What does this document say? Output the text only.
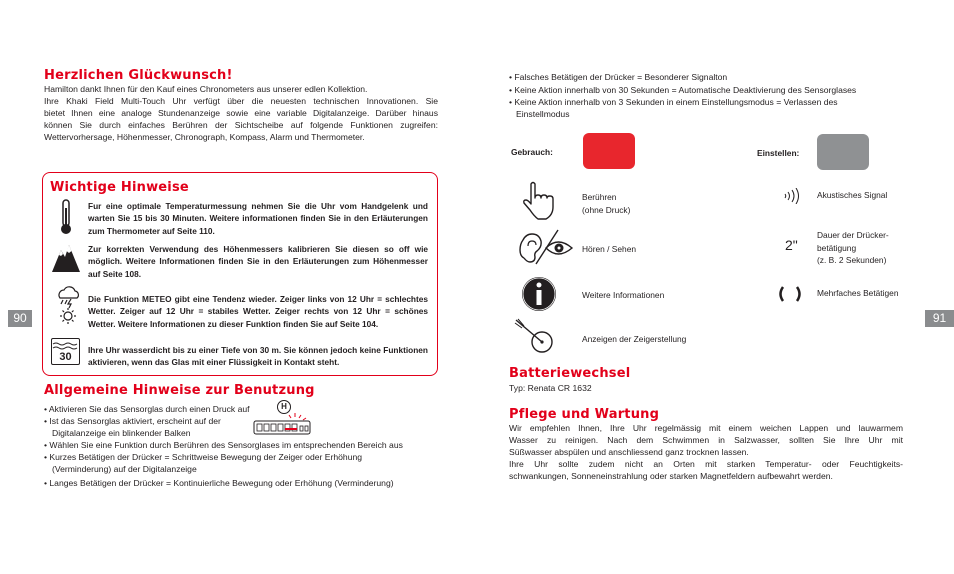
90	91
Herzlichen Glückwunsch!
Hamilton dankt Ihnen für den Kauf eines Chronometers aus unserer edlen Kollektion.
Ihre Khaki Field Multi-Touch Uhr verfügt über die neuesten technischen Innovationen. Sie
bietet Ihnen eine analoge Stundenanzeige sowie eine variable Digitalanzeige. Darüber hinaus
können Sie durch einfaches Berühren der Sichtscheibe auf folgende Funktionen zugreifen:
Wettervorhersage, Höhenmesser, Chronograph, Kompass, Alarm und Thermometer.
Wichtige Hinweise
Fur eine optimale Temperaturmessung nehmen Sie die Uhr vom Handgelenk und warten Sie 15 bis 30 Minuten. Weitere informationen finden Sie in den Erläuterungen zum Thermometer auf Seite 110.
Zur korrekten Verwendung des Höhenmessers kalibrieren Sie diesen so off wie möglich. Weitere Informationen finden Sie in den Erläuterungen zum Höhenmesser auf Seite 108.
Die Funktion METEO gibt eine Tendenz wieder. Zeiger links von 12 Uhr = schlechtes Wetter. Zeiger auf 12 Uhr = stabiles Wetter. Zeiger rechts von 12 Uhr = schönes Wetter. Weitere Informationen zu dieser Funktion finden Sie auf Seite 104.
30
Ihre Uhr wasserdicht bis zu einer Tiefe von 30 m. Sie können jedoch keine Funktionen aktivieren, wenn das Glas mit einer Flüssigkeit in Kontakt steht.
Allgemeine Hinweise zur Benutzung
• Aktivieren Sie das Sensorglas durch einen Druck auf	H
• Ist das Sensorglas aktiviert, erscheint auf der
Digitalanzeige ein blinkender Balken
• Wählen Sie eine Funktion durch Berühren des Sensorglases im entsprechenden Bereich aus
• Kurzes Betätigen der Drücker = Schrittweise Bewegung der Zeiger oder Erhöhung
(Verminderung) auf der Digitalanzeige
• Langes Betätigen der Drücker = Kontinuierliche Bewegung oder Erhöhung (Verminderung)
• Falsches Betätigen der Drücker = Besonderer Signalton
• Keine Aktion innerhalb von 30 Sekunden = Automatische Deaktivierung des Sensorglases
• Keine Aktion innerhalb von 3 Sekunden in einem Einstellungsmodus = Verlassen des
Einstellmodus
Gebrauch:	Einstellen:
Berühren
(ohne Druck)
Hören / Sehen
Weitere Informationen
Anzeigen der Zeigerstellung
Akustisches Signal
2"
Dauer der Drücker-
betätigung
(z. B. 2 Sekunden)
Mehrfaches Betätigen
Batteriewechsel
Typ: Renata CR 1632
Pflege und Wartung
Wir empfehlen Ihnen, Ihre Uhr regelmässig mit einem weichen Lappen und lauwarmem
Wasser zu reinigen. Nach dem Schwimmen in Salzwasser, sollten Sie Ihre Uhr mit
Süßwasser abspülen und anschliessend ganz trocknen lassen.
Ihre Uhr sollte zudem nicht an Orten mit starken Temperatur- oder Feuchtigkeits-
schwankungen, Sonneneinstrahlung oder starken Magnetfeldern aufbewahrt werden.
